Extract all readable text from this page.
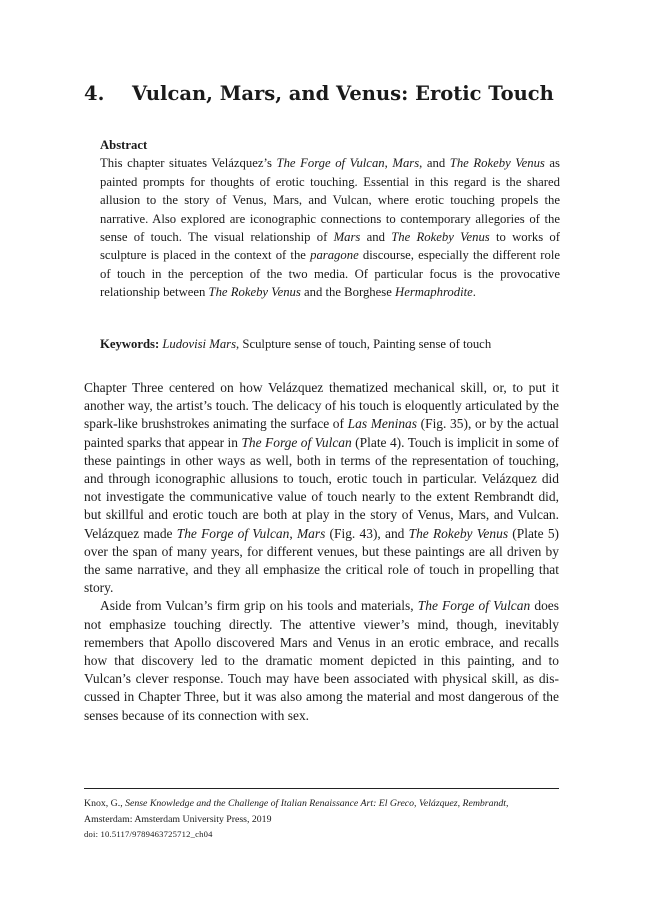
4. Vulcan, Mars, and Venus: Erotic Touch
Abstract

This chapter situates Velázquez’s The Forge of Vulcan, Mars, and The Rokeby Venus as painted prompts for thoughts of erotic touching. Essential in this regard is the shared allusion to the story of Venus, Mars, and Vulcan, where erotic touching propels the narrative. Also explored are iconographic connections to contemporary allegories of the sense of touch. The visual relationship of Mars and The Rokeby Venus to works of sculpture is placed in the context of the paragone discourse, especially the different role of touch in the perception of the two media. Of particular focus is the provocative relationship between The Rokeby Venus and the Borghese Hermaphrodite.

Keywords: Ludovisi Mars, Sculpture sense of touch, Painting sense of touch

Chapter Three centered on how Velázquez thematized mechanical skill, or, to put it another way, the artist’s touch. The delicacy of his touch is eloquently articulated by the spark-like brushstrokes animating the surface of Las Meninas (Fig. 35), or by the actual painted sparks that appear in The Forge of Vulcan (Plate 4). Touch is implicit in some of these paintings in other ways as well, both in terms of the representation of touching, and through iconographic allusions to touch, erotic touch in particular. Velázquez did not investigate the communicative value of touch nearly to the extent Rembrandt did, but skillful and erotic touch are both at play in the story of Venus, Mars, and Vulcan. Velázquez made The Forge of Vulcan, Mars (Fig. 43), and The Rokeby Venus (Plate 5) over the span of many years, for different venues, but these paintings are all driven by the same narrative, and they all emphasize the critical role of touch in propelling that story.

Aside from Vulcan’s firm grip on his tools and materials, The Forge of Vulcan does not emphasize touching directly. The attentive viewer’s mind, though, inevitably remembers that Apollo discovered Mars and Venus in an erotic embrace, and recalls how that discovery led to the dramatic moment depicted in this painting, and to Vulcan’s clever response. Touch may have been associated with physical skill, as discussed in Chapter Three, but it was also among the material and most dangerous of the senses because of its connection with sex.

Knox, G., Sense Knowledge and the Challenge of Italian Renaissance Art: El Greco, Velázquez, Rembrandt,
Amsterdam: Amsterdam University Press, 2019
doi: 10.5117/9789463725712_ch04
